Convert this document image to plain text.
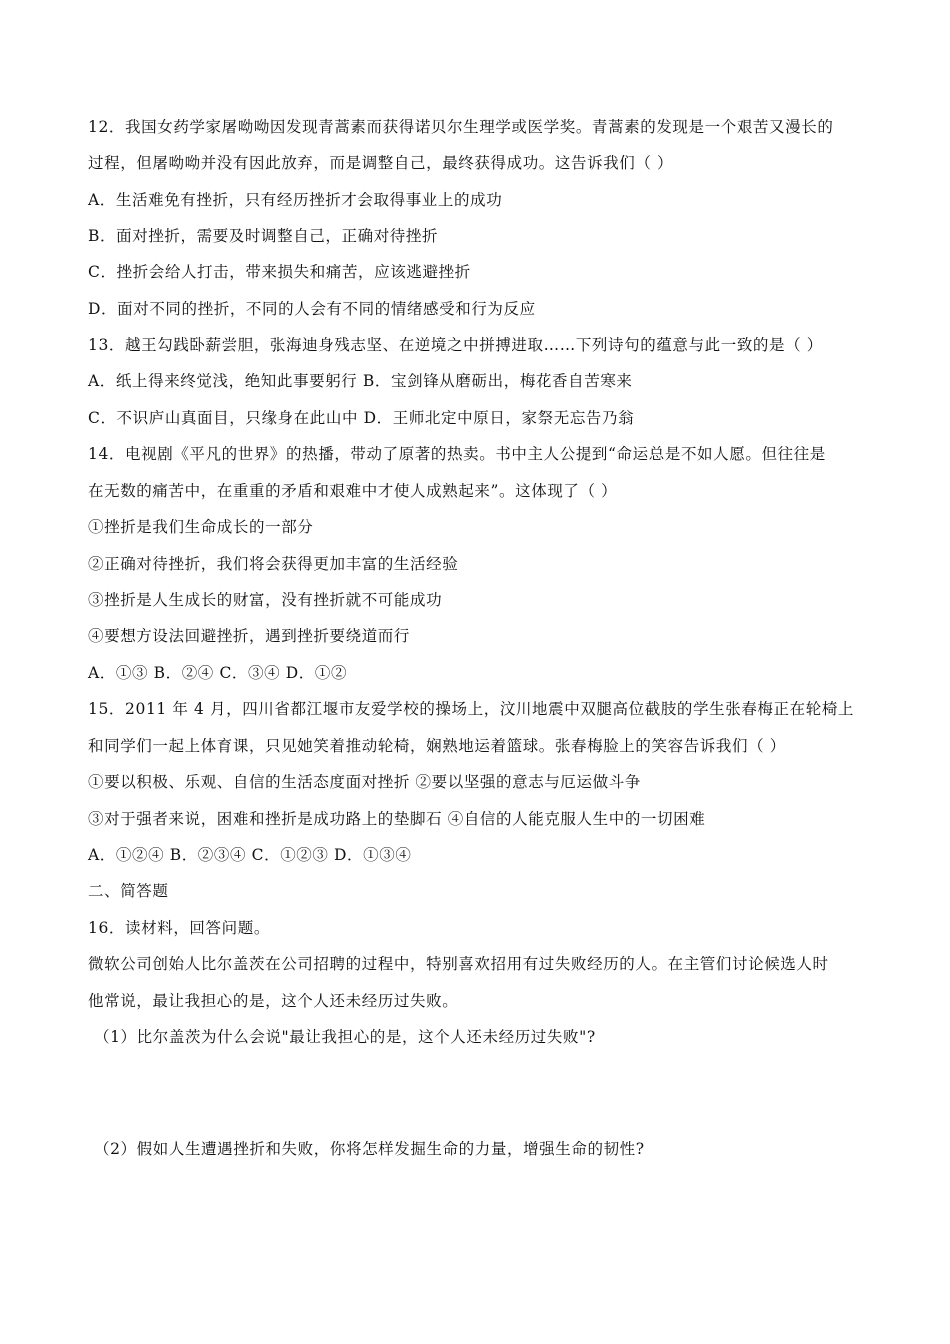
12．我国女药学家屠呦呦因发现青蒿素而获得诺贝尔生理学或医学奖。青蒿素的发现是一个艰苦又漫长的
过程，但屠呦呦并没有因此放弃，而是调整自己，最终获得成功。这告诉我们（ ）
A．生活难免有挫折，只有经历挫折才会取得事业上的成功
B．面对挫折，需要及时调整自己，正确对待挫折
C．挫折会给人打击，带来损失和痛苦，应该逃避挫折
D．面对不同的挫折，不同的人会有不同的情绪感受和行为反应
13．越王勾践卧薪尝胆，张海迪身残志坚、在逆境之中拼搏进取……下列诗句的蕴意与此一致的是（ ）
A．纸上得来终觉浅，绝知此事要躬行 B．宝剑锋从磨砺出，梅花香自苦寒来
C．不识庐山真面目，只缘身在此山中 D．王师北定中原日，家祭无忘告乃翁
14．电视剧《平凡的世界》的热播，带动了原著的热卖。书中主人公提到“命运总是不如人愿。但往往是
在无数的痛苦中，在重重的矛盾和艰难中才使人成熟起来”。这体现了（ ）
①挫折是我们生命成长的一部分
②正确对待挫折，我们将会获得更加丰富的生活经验
③挫折是人生成长的财富，没有挫折就不可能成功
④要想方设法回避挫折，遇到挫折要绕道而行
A．①③ B．②④ C．③④ D．①②
15．2011 年 4 月，四川省都江堰市友爱学校的操场上，汶川地震中双腿高位截肢的学生张春梅正在轮椅上
和同学们一起上体育课，只见她笑着推动轮椅，娴熟地运着篮球。张春梅脸上的笑容告诉我们（ ）
①要以积极、乐观、自信的生活态度面对挫折 ②要以坚强的意志与厄运做斗争
③对于强者来说，困难和挫折是成功路上的垫脚石 ④自信的人能克服人生中的一切困难
A．①②④ B．②③④ C．①②③ D．①③④
二、简答题
16．读材料，回答问题。
微软公司创始人比尔盖茨在公司招聘的过程中，特别喜欢招用有过失败经历的人。在主管们讨论候选人时
他常说，最让我担心的是，这个人还未经历过失败。
（1）比尔盖茨为什么会说"最让我担心的是，这个人还未经历过失败"?
（2）假如人生遭遇挫折和失败，你将怎样发掘生命的力量，增强生命的韧性?
